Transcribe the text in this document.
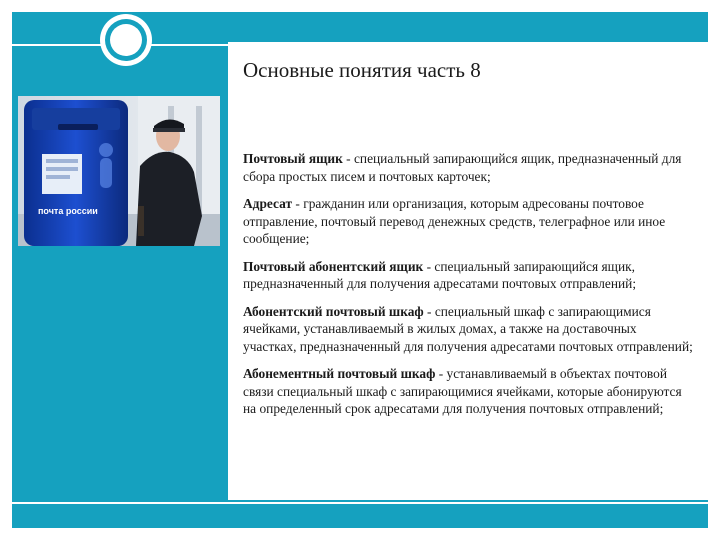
почта россии
Основные понятия часть 8

Почтовый ящик - специальный запирающийся ящик, предназначенный для сбора простых писем и почтовых карточек;

Адресат - гражданин или организация, которым адресованы почтовое отправление, почтовый перевод денежных средств, телеграфное или иное сообщение;

Почтовый абонентский ящик - специальный запирающийся ящик, предназначенный для получения адресатами почтовых отправлений;

Абонентский почтовый шкаф - специальный шкаф с запирающимися ячейками, устанавливаемый в жилых домах, а также на доставочных участках, предназначенный для получения адресатами почтовых отправлений;

Абонементный почтовый шкаф - устанавливаемый в объектах почтовой связи специальный шкаф с запирающимися ячейками, которые абонируются на определенный срок адресатами для получения почтовых отправлений;
